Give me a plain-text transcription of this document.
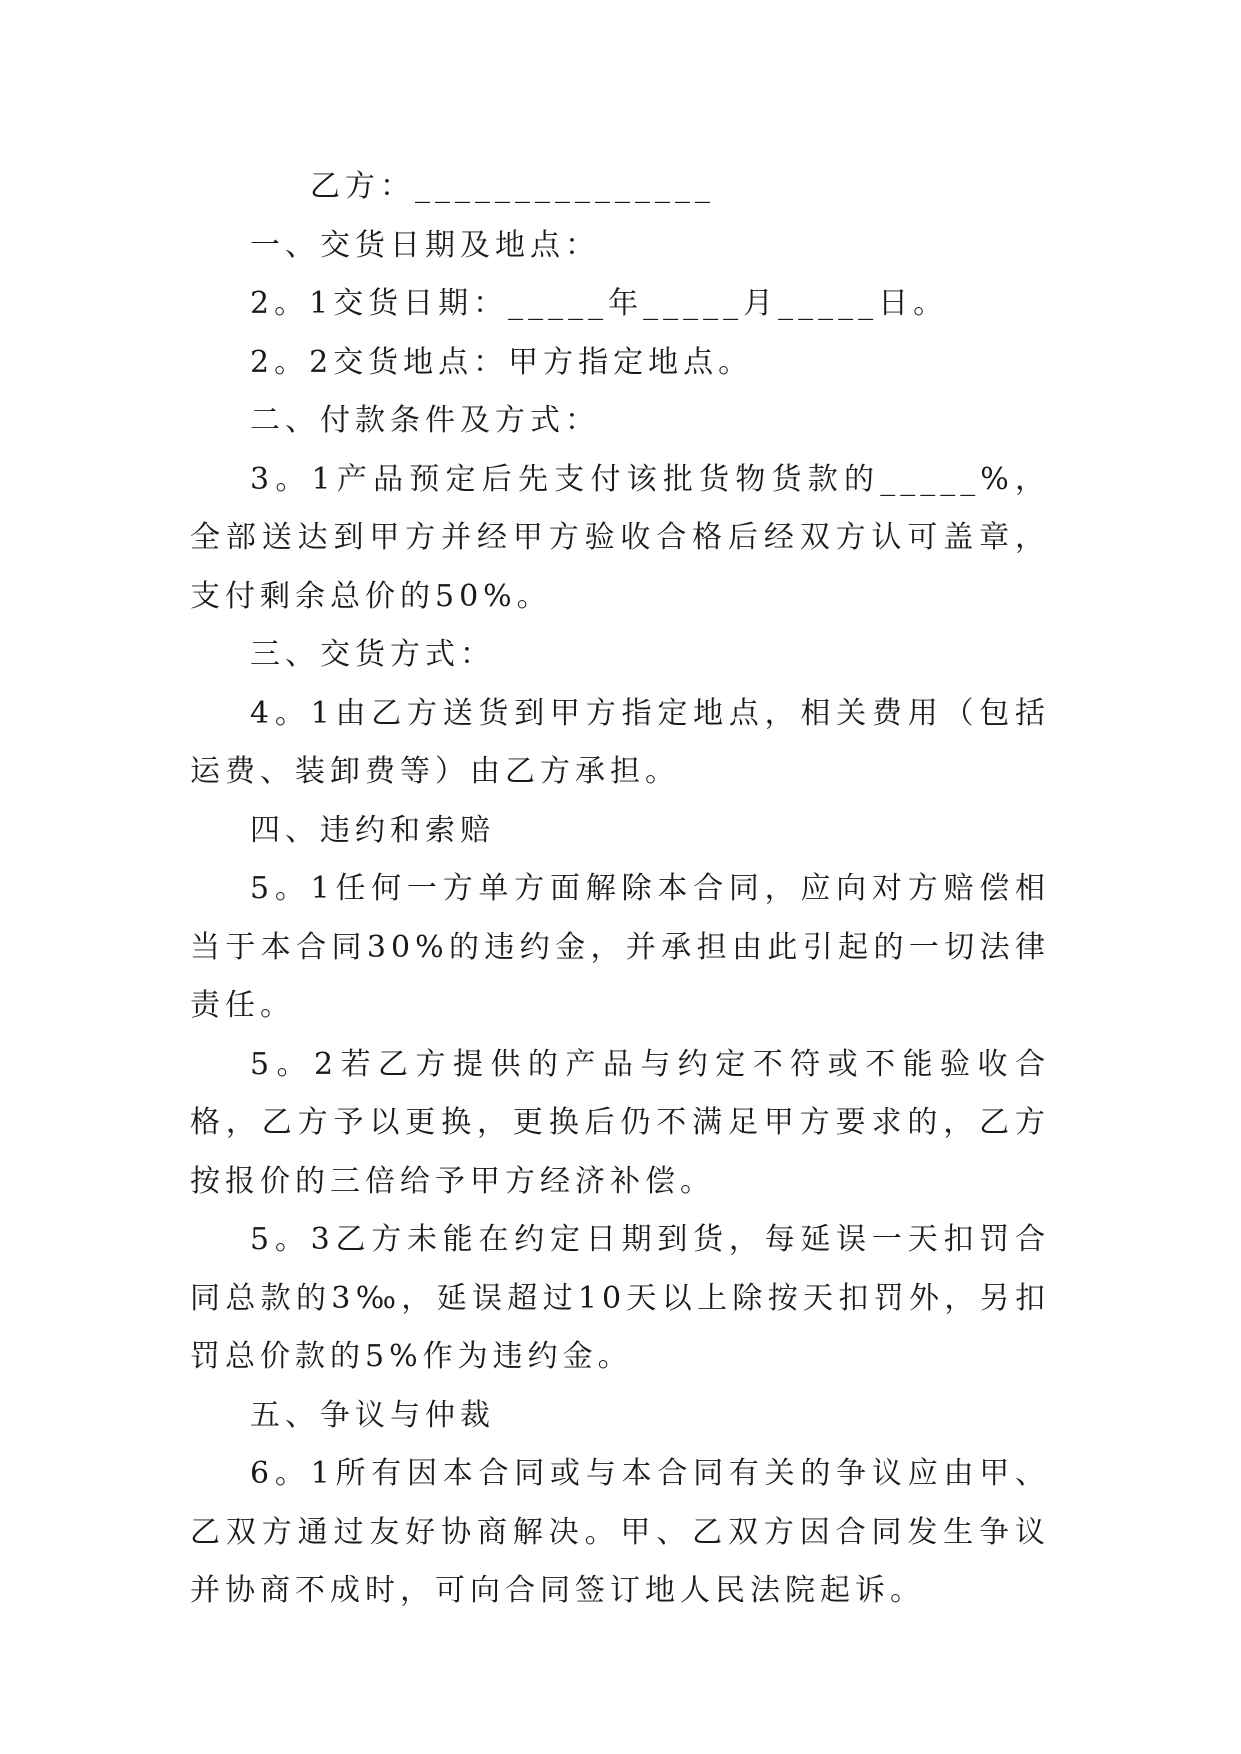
乙方：_______________

一、交货日期及地点：

2。1交货日期：_____年_____月_____日。

2。2交货地点：甲方指定地点。

二、付款条件及方式：

3。1产品预定后先支付该批货物货款的_____%，全部送达到甲方并经甲方验收合格后经双方认可盖章，支付剩余总价的50%。

三、交货方式：

4。1由乙方送货到甲方指定地点，相关费用（包括运费、装卸费等）由乙方承担。

四、违约和索赔

5。1任何一方单方面解除本合同，应向对方赔偿相当于本合同30%的违约金，并承担由此引起的一切法律责任。

5。2若乙方提供的产品与约定不符或不能验收合格，乙方予以更换，更换后仍不满足甲方要求的，乙方按报价的三倍给予甲方经济补偿。

5。3乙方未能在约定日期到货，每延误一天扣罚合同总款的3‰，延误超过10天以上除按天扣罚外，另扣罚总价款的5%作为违约金。

五、争议与仲裁

6。1所有因本合同或与本合同有关的争议应由甲、乙双方通过友好协商解决。甲、乙双方因合同发生争议并协商不成时，可向合同签订地人民法院起诉。
